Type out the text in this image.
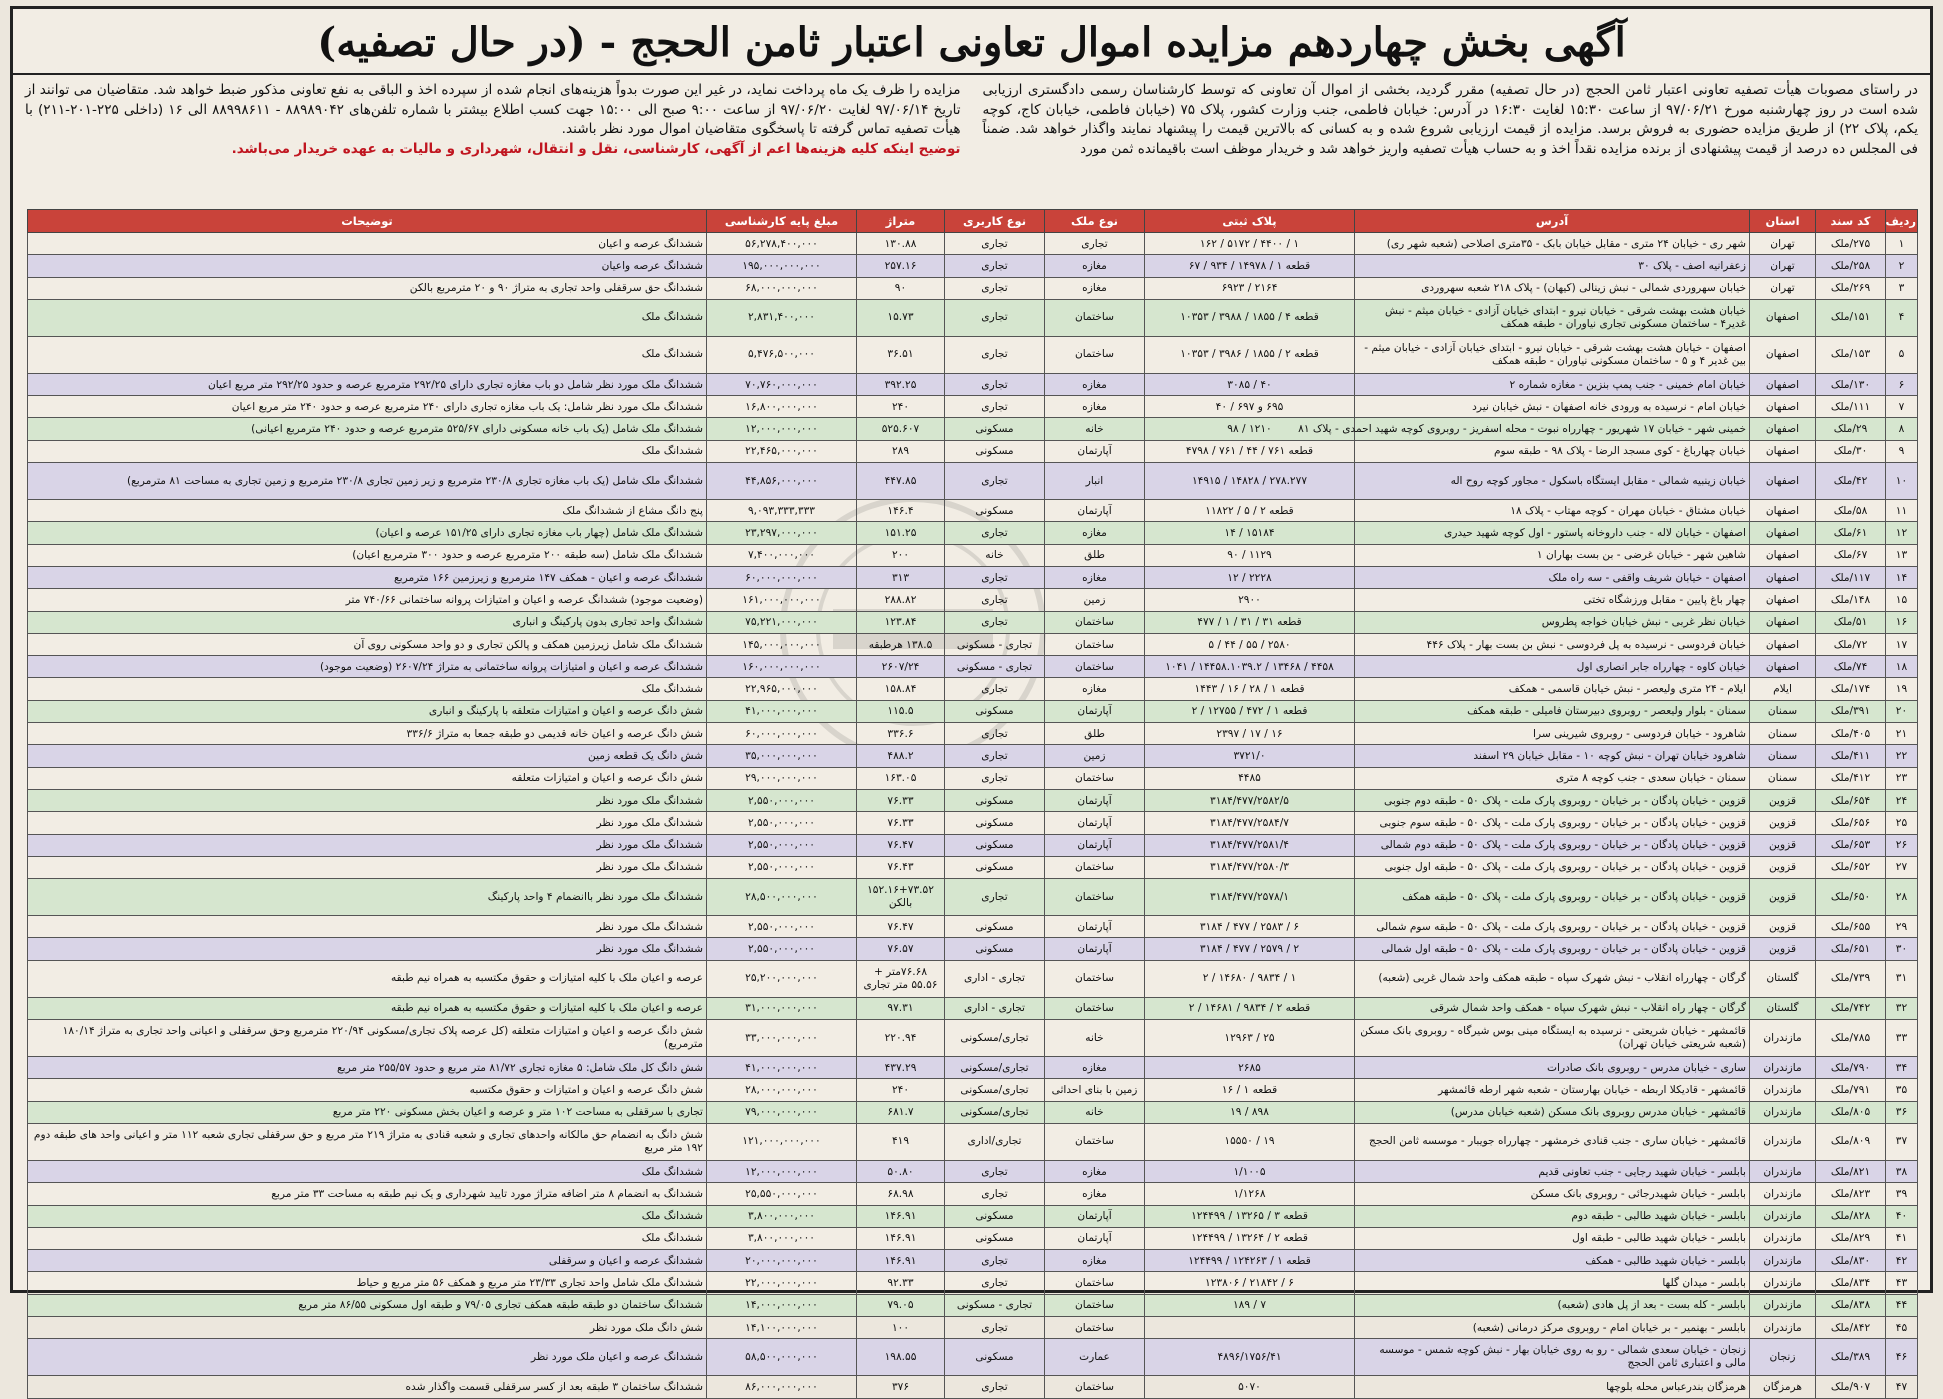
آگهی بخش چهاردهم مزایده اموال تعاونی اعتبار ثامن الحجج - (در حال تصفیه)
در راستای مصوبات هیأت تصفیه تعاونی اعتبار ثامن الحجج (در حال تصفیه) مقرر گردید، بخشی از اموال آن تعاونی که توسط کارشناسان رسمی دادگستری ارزیابی شده است در روز چهارشنبه مورخ ۹۷/۰۶/۲۱ از ساعت ۱۵:۳۰ لغایت ۱۶:۳۰ در آدرس: خیابان فاطمی، جنب وزارت کشور، پلاک ۷۵ (خیابان فاطمی، خیابان کاج، کوچه یکم، پلاک ۲۲) از طریق مزایده حضوری به فروش برسد. مزایده از قیمت ارزیابی شروع شده و به کسانی که بالاترین قیمت را پیشنهاد نمایند واگذار خواهد شد. ضمناً فی المجلس ده درصد از قیمت پیشنهادی از برنده مزایده نقداً اخذ و به حساب هیأت تصفیه واریز خواهد شد و خریدار موظف است باقیمانده ثمن مورد
مزایده را ظرف یک ماه پرداخت نماید، در غیر این صورت بدواً هزینه‌های انجام شده از سپرده اخذ و الباقی به نفع تعاونی مذکور ضبط خواهد شد. متقاضیان می توانند از تاریخ ۹۷/۰۶/۱۴ لغایت ۹۷/۰۶/۲۰ از ساعت ۹:۰۰ صبح الی ۱۵:۰۰ جهت کسب اطلاع بیشتر با شماره تلفن‌های ۸۸۹۸۹۰۴۲ - ۸۸۹۹۸۶۱۱ الی ۱۶ (داخلی ۲۲۵-۲۰۱-۲۱۱) با هیأت تصفیه تماس گرفته تا پاسخگوی متقاضیان اموال مورد نظر باشند.
توضیح اینکه کلیه هزینه‌ها اعم از آگهی، کارشناسی، نقل و انتقال، شهرداری و مالیات به عهده خریدار می‌باشد.
ردیف	کد سند	استان	آدرس	پلاک ثبتی	نوع ملک	نوع کاربری	متراژ	مبلغ پایه کارشناسی	توضیحات
۱	۲۷۵/ملک	تهران	شهر ری - خیابان ۲۴ متری - مقابل خیابان بابک - ۳۵متری اصلاحی (شعبه شهر ری)	۱ / ۴۴۰۰ / ۵۱۷۲ / ۱۶۲	تجاری	تجاری	۱۳۰.۸۸	۵۶,۲۷۸,۴۰۰,۰۰۰	ششدانگ عرصه و اعیان
۲	۲۵۸/ملک	تهران	زعفرانیه اصف - پلاک ۳۰	قطعه ۱ / ۱۴۹۷۸ / ۹۳۴ / ۶۷	مغازه	تجاری	۲۵۷.۱۶	۱۹۵,۰۰۰,۰۰۰,۰۰۰	ششدانگ عرصه واعیان
۳	۲۶۹/ملک	تهران	خیابان سهروردی شمالی - نبش زینالی (کیهان) - پلاک ۲۱۸ شعبه سهروردی	۲۱۶۴ / ۶۹۲۳	مغازه	تجاری	۹۰	۶۸,۰۰۰,۰۰۰,۰۰۰	ششدانگ حق سرقفلی واحد تجاری به متراژ ۹۰ و ۲۰ مترمربع بالکن
۴	۱۵۱/ملک	اصفهان	خیابان هشت بهشت شرقی - خیابان نیرو - ابتدای خیابان آزادی - خیابان میثم - نبش غدیر۴ - ساختمان مسکونی تجاری نیاوران - طبقه همکف	قطعه ۴ / ۱۸۵۵ / ۳۹۸۸ / ۱۰۳۵۳	ساختمان	تجاری	۱۵.۷۳	۲,۸۳۱,۴۰۰,۰۰۰	ششدانگ ملک
۵	۱۵۳/ملک	اصفهان	اصفهان - خیابان هشت بهشت شرقی - خیابان نیرو - ابتدای خیابان آزادی - خیابان میثم - بین غدیر ۴ و ۵ - ساختمان مسکونی نیاوران - طبقه همکف	قطعه ۲ / ۱۸۵۵ / ۳۹۸۶ / ۱۰۳۵۳	ساختمان	تجاری	۳۶.۵۱	۵,۴۷۶,۵۰۰,۰۰۰	ششدانگ ملک
۶	۱۳۰/ملک	اصفهان	خیابان امام خمینی - جنب پمپ بنزین - مغازه شماره ۲	۴۰ / ۳۰۸۵	مغازه	تجاری	۳۹۲.۲۵	۷۰,۷۶۰,۰۰۰,۰۰۰	ششدانگ ملک مورد نظر شامل دو باب مغازه تجاری دارای ۲۹۲/۲۵ مترمربع عرصه و حدود ۲۹۲/۲۵ متر مربع اعیان
۷	۱۱۱/ملک	اصفهان	خیابان امام - نرسیده به ورودی خانه اصفهان - نبش خیابان نیرد	۶۹۵ و ۶۹۷ / ۴۰	مغازه	تجاری	۲۴۰	۱۶,۸۰۰,۰۰۰,۰۰۰	ششدانگ ملک مورد نظر شامل: یک باب مغازه تجاری دارای ۲۴۰ مترمربع عرصه و حدود ۲۴۰ متر مربع اعیان
۸	۲۹/ملک	اصفهان	خمینی شهر - خیابان ۱۷ شهریور - چهارراه نبوت - محله اسفریز - روبروی کوچه شهید احمدی - پلاک ۸۱	۱۲۱۰ / ۹۸	خانه	مسکونی	۵۲۵.۶۰۷	۱۲,۰۰۰,۰۰۰,۰۰۰	ششدانگ ملک شامل (یک باب خانه مسکونی دارای ۵۲۵/۶۷ مترمربع عرصه و حدود ۲۴۰ مترمربع اعیانی)
۹	۳۰/ملک	اصفهان	خیابان چهارباغ - کوی مسجد الرضا - پلاک ۹۸ - طبقه سوم	قطعه ۷۶۱ / ۴۴ / ۷۶۱ / ۴۷۹۸	آپارتمان	مسکونی	۲۸۹	۲۲,۴۶۵,۰۰۰,۰۰۰	ششدانگ ملک
۱۰	۴۲/ملک	اصفهان	خیابان زینبیه شمالی - مقابل ایستگاه باسکول - مجاور کوچه روح اله	۲۷۸.۲۷۷ / ۱۴۸۲۸ / ۱۴۹۱۵	انبار	تجاری	۴۴۷.۸۵	۴۴,۸۵۶,۰۰۰,۰۰۰	ششدانگ ملک شامل (یک باب مغازه تجاری ۲۳۰/۸ مترمربع و زیر زمین تجاری ۲۳۰/۸ مترمربع و زمین تجاری به مساحت ۸۱ مترمربع)
۱۱	۵۸/ملک	اصفهان	خیابان مشتاق - خیابان مهران - کوچه مهتاب - پلاک ۱۸	قطعه ۲ / ۵ / ۱۱۸۲۲	آپارتمان	مسکونی	۱۴۶.۴	۹,۰۹۳,۳۳۳,۳۳۳	پنج دانگ مشاع از ششدانگ ملک
۱۲	۶۱/ملک	اصفهان	اصفهان - خیابان لاله - جنب داروخانه پاستور - اول کوچه شهید حیدری	۱۵۱۸۴ / ۱۴	مغازه	تجاری	۱۵۱.۲۵	۲۳,۲۹۷,۰۰۰,۰۰۰	ششدانگ ملک شامل (چهار باب مغازه تجاری دارای ۱۵۱/۲۵ عرصه و اعیان)
۱۳	۶۷/ملک	اصفهان	شاهین شهر - خیابان غرضی - بن بست بهاران ۱	۱۱۲۹ / ۹۰	طلق	خانه	۲۰۰	۷,۴۰۰,۰۰۰,۰۰۰	ششدانگ ملک شامل (سه طبقه ۲۰۰ مترمربع عرصه و حدود ۳۰۰ مترمربع اعیان)
۱۴	۱۱۷/ملک	اصفهان	اصفهان - خیابان شریف واقفی - سه راه ملک	۲۲۲۸ / ۱۲	مغازه	تجاری	۳۱۳	۶۰,۰۰۰,۰۰۰,۰۰۰	ششدانگ عرصه و اعیان - همکف ۱۴۷ مترمربع و زیرزمین ۱۶۶ مترمربع
۱۵	۱۴۸/ملک	اصفهان	چهار باغ پایین - مقابل ورزشگاه تختی	۲۹۰۰	زمین	تجاری	۲۸۸.۸۲	۱۶۱,۰۰۰,۰۰۰,۰۰۰	(وضعیت موجود) ششدانگ عرصه و اعیان و امتیازات پروانه ساختمانی ۷۴۰/۶۶ متر
۱۶	۵۱/ملک	اصفهان	خیابان نظر غربی - نبش خیابان خواجه پطروس	قطعه ۳۱ / ۳۱ / ۱ / ۴۷۷	ساختمان	تجاری	۱۲۳.۸۴	۷۵,۲۲۱,۰۰۰,۰۰۰	ششدانگ واحد تجاری بدون پارکینگ و انباری
۱۷	۷۲/ملک	اصفهان	خیابان فردوسی - نرسیده به پل فردوسی - نبش بن بست بهار - پلاک ۴۴۶	۲۵۸۰ / ۵۵ / ۴۴ / ۵	ساختمان	تجاری - مسکونی	۱۳۸.۵ هرطبقه	۱۴۵,۰۰۰,۰۰۰,۰۰۰	ششدانگ ملک شامل زیرزمین همکف و پالکن تجاری و دو واحد مسکونی روی آن
۱۸	۷۴/ملک	اصفهان	خیابان کاوه - چهارراه جابر انصاری اول	۴۴۵۸ / ۱۳۴۶۸ / ۱۴۴۵۸.۱۰۳۹.۲ / ۱۰۴۱	ساختمان	تجاری - مسکونی	۲۶۰۷/۲۴	۱۶۰,۰۰۰,۰۰۰,۰۰۰	ششدانگ عرصه و اعیان و امتیازات پروانه ساختمانی به متراژ ۲۶۰۷/۲۴ (وضعیت موجود)
۱۹	۱۷۴/ملک	ایلام	ایلام - ۲۴ متری ولیعصر - نبش خیابان قاسمی - همکف	قطعه ۱ / ۲۸ / ۱۶ / ۱۴۴۳	مغازه	تجاری	۱۵۸.۸۴	۲۲,۹۶۵,۰۰۰,۰۰۰	ششدانگ ملک
۲۰	۳۹۱/ملک	سمنان	سمنان - بلوار ولیعصر - روبروی دبیرستان فامیلی - طبقه همکف	قطعه ۱ / ۴۷۲ / ۱۲۷۵۵ / ۲	آپارتمان	مسکونی	۱۱۵.۵	۴۱,۰۰۰,۰۰۰,۰۰۰	شش دانگ عرصه و اعیان و امتیازات متعلقه با پارکینگ و انباری
۲۱	۴۰۵/ملک	سمنان	شاهرود - خیابان فردوسی - روبروی شیرینی سرا	۱۶ / ۱۷ / ۲۳۹۷	طلق	تجاری	۳۳۶.۶	۶۰,۰۰۰,۰۰۰,۰۰۰	شش دانگ عرصه و اعیان خانه قدیمی دو طبقه جمعا به متراژ ۳۳۶/۶
۲۲	۴۱۱/ملک	سمنان	شاهرود خیابان تهران - نبش کوچه ۱۰ - مقابل خیابان ۲۹ اسفند	۳۷۲۱/۰	زمین	تجاری	۴۸۸.۲	۳۵,۰۰۰,۰۰۰,۰۰۰	شش دانگ یک قطعه زمین
۲۳	۴۱۲/ملک	سمنان	سمنان - خیابان سعدی - جنب کوچه ۸ متری	۴۴۸۵	ساختمان	تجاری	۱۶۳.۰۵	۲۹,۰۰۰,۰۰۰,۰۰۰	شش دانگ عرصه و اعیان و امتیازات متعلقه
۲۴	۶۵۴/ملک	قزوین	قزوین - خیابان پادگان - بر خیابان - روبروی پارک ملت - پلاک ۵۰ - طبقه دوم جنوبی	۳۱۸۴/۴۷۷/۲۵۸۲/۵	آپارتمان	مسکونی	۷۶.۳۳	۲,۵۵۰,۰۰۰,۰۰۰	ششدانگ ملک مورد نظر
۲۵	۶۵۶/ملک	قزوین	قزوین - خیابان پادگان - بر خیابان - روبروی پارک ملت - پلاک ۵۰ - طبقه سوم جنوبی	۳۱۸۴/۴۷۷/۲۵۸۴/۷	آپارتمان	مسکونی	۷۶.۳۳	۲,۵۵۰,۰۰۰,۰۰۰	ششدانگ ملک مورد نظر
۲۶	۶۵۳/ملک	قزوین	قزوین - خیابان پادگان - بر خیابان - روبروی پارک ملت - پلاک ۵۰ - طبقه دوم شمالی	۳۱۸۴/۴۷۷/۲۵۸۱/۴	آپارتمان	مسکونی	۷۶.۴۷	۲,۵۵۰,۰۰۰,۰۰۰	ششدانگ ملک مورد نظر
۲۷	۶۵۲/ملک	قزوین	قزوین - خیابان پادگان - بر خیابان - روبروی پارک ملت - پلاک ۵۰ - طبقه اول جنوبی	۳۱۸۴/۴۷۷/۲۵۸۰/۳	ساختمان	مسکونی	۷۶.۴۳	۲,۵۵۰,۰۰۰,۰۰۰	ششدانگ ملک مورد نظر
۲۸	۶۵۰/ملک	قزوین	قزوین - خیابان پادگان - بر خیابان - روبروی پارک ملت - پلاک ۵۰ - طبقه همکف	۳۱۸۴/۴۷۷/۲۵۷۸/۱	ساختمان	تجاری	۱۵۲.۱۶+۷۳.۵۲ بالکن	۲۸,۵۰۰,۰۰۰,۰۰۰	ششدانگ ملک مورد نظر باانضمام ۴ واحد پارکینگ
۲۹	۶۵۵/ملک	قزوین	قزوین - خیابان پادگان - بر خیابان - روبروی پارک ملت - پلاک ۵۰ - طبقه سوم شمالی	۶ / ۲۵۸۳ / ۴۷۷ / ۳۱۸۴	آپارتمان	مسکونی	۷۶.۴۷	۲,۵۵۰,۰۰۰,۰۰۰	ششدانگ ملک مورد نظر
۳۰	۶۵۱/ملک	قزوین	قزوین - خیابان پادگان - بر خیابان - روبروی پارک ملت - پلاک ۵۰ - طبقه اول شمالی	۲ / ۲۵۷۹ / ۴۷۷ / ۳۱۸۴	آپارتمان	مسکونی	۷۶.۵۷	۲,۵۵۰,۰۰۰,۰۰۰	ششدانگ ملک مورد نظر
۳۱	۷۳۹/ملک	گلستان	گرگان - چهارراه انقلاب - نبش شهرک سپاه - طبقه همکف واحد شمال غربی (شعبه)	۱ / ۹۸۳۴ / ۱۴۶۸۰ / ۲	ساختمان	تجاری - اداری	۷۶.۶۸متر + ۵۵.۵۶ متر تجاری	۲۵,۲۰۰,۰۰۰,۰۰۰	عرصه و اعیان ملک با کلیه امتیازات و حقوق مکتسبه به همراه نیم طبقه
۳۲	۷۴۲/ملک	گلستان	گرگان - چهار راه انقلاب - نبش شهرک سپاه - همکف واحد شمال شرقی	قطعه ۲ / ۹۸۳۴ / ۱۴۶۸۱ / ۲	ساختمان	تجاری - اداری	۹۷.۳۱	۳۱,۰۰۰,۰۰۰,۰۰۰	عرصه و اعیان ملک با کلیه امتیازات و حقوق مکتسبه به همراه نیم طبقه
۳۳	۷۸۵/ملک	مازندران	قائمشهر - خیابان شریعتی - نرسیده به ایستگاه مینی بوس شیرگاه - روبروی بانک مسکن (شعبه شریعتی خیابان تهران)	۲۵ / ۱۲۹۶۳	خانه	تجاری/مسکونی	۲۲۰.۹۴	۳۳,۰۰۰,۰۰۰,۰۰۰	شش دانگ عرصه و اعیان و امتیازات متعلقه (کل عرصه پلاک تجاری/مسکونی ۲۲۰/۹۴ مترمربع وحق سرقفلی و اعیانی واحد تجاری به متراژ ۱۸۰/۱۴ مترمربع)
۳۴	۷۹۰/ملک	مازندران	ساری - خیابان مدرس - روبروی بانک صادرات	۲۶۸۵	مغازه	تجاری/مسکونی	۴۳۷.۲۹	۴۱,۰۰۰,۰۰۰,۰۰۰	شش دانگ کل ملک شامل: ۵ مغازه تجاری ۸۱/۷۲ متر مربع و حدود ۲۵۵/۵۷ متر مربع
۳۵	۷۹۱/ملک	مازندران	قائمشهر - قادیکلا اربطه - خیابان بهارستان - شعبه شهر ارطه قائمشهر	قطعه ۱ / ۱۶	زمین با بنای احداثی	تجاری/مسکونی	۲۴۰	۲۸,۰۰۰,۰۰۰,۰۰۰	شش دانگ عرصه و اعیان و امتیازات و حقوق مکتسبه
۳۶	۸۰۵/ملک	مازندران	قائمشهر - خیابان مدرس روبروی بانک مسکن (شعبه خیابان مدرس)	۸۹۸ / ۱۹	خانه	تجاری/مسکونی	۶۸۱.۷	۷۹,۰۰۰,۰۰۰,۰۰۰	تجاری با سرقفلی به مساحت ۱۰۲ متر و عرصه و اعیان بخش مسکونی ۲۲۰ متر مربع
۳۷	۸۰۹/ملک	مازندران	قائمشهر - خیابان ساری - جنب قنادی خرمشهر - چهارراه جویبار - موسسه ثامن الحجج	۱۹ / ۱۵۵۵۰	ساختمان	تجاری/اداری	۴۱۹	۱۲۱,۰۰۰,۰۰۰,۰۰۰	شش دانگ به انضمام حق مالکانه واحدهای تجاری و شعبه قنادی به متراژ ۲۱۹ متر مربع و حق سرقفلی تجاری شعبه ۱۱۲ متر و اعیانی واحد های طبقه دوم ۱۹۲ متر مربع
۳۸	۸۲۱/ملک	مازندران	بابلسر - خیابان شهید رجایی - جنب تعاونی قدیم	۱/۱۰۰۵	مغازه	تجاری	۵۰.۸۰	۱۲,۰۰۰,۰۰۰,۰۰۰	ششدانگ ملک
۳۹	۸۲۳/ملک	مازندران	بابلسر - خیابان شهیدرجائی - روبروی بانک مسکن	۱/۱۲۶۸	مغازه	تجاری	۶۸.۹۸	۲۵,۵۵۰,۰۰۰,۰۰۰	ششدانگ به انضمام ۸ متر اضافه متراژ مورد تایید شهرداری و یک نیم طبقه به مساحت ۳۳ متر مربع
۴۰	۸۲۸/ملک	مازندران	بابلسر - خیابان شهید طالبی - طبقه دوم	قطعه ۳ / ۱۳۲۶۵ / ۱۲۴۴۹۹	آپارتمان	مسکونی	۱۴۶.۹۱	۳,۸۰۰,۰۰۰,۰۰۰	ششدانگ ملک
۴۱	۸۲۹/ملک	مازندران	بابلسر - خیابان شهید طالبی - طبقه اول	قطعه ۲ / ۱۳۲۶۴ / ۱۲۴۴۹۹	آپارتمان	مسکونی	۱۴۶.۹۱	۳,۸۰۰,۰۰۰,۰۰۰	ششدانگ ملک
۴۲	۸۳۰/ملک	مازندران	بابلسر - خیابان شهید طالبی - همکف	قطعه ۱ / ۱۲۴۲۶۳ / ۱۲۴۴۹۹	مغازه	تجاری	۱۴۶.۹۱	۲۰,۰۰۰,۰۰۰,۰۰۰	ششدانگ عرصه و اعیان و سرقفلی
۴۳	۸۳۴/ملک	مازندران	بابلسر - میدان گلها	۶ / ۲۱۸۴۲ / ۱۲۳۸۰۶	ساختمان	تجاری	۹۲.۳۳	۲۲,۰۰۰,۰۰۰,۰۰۰	ششدانگ ملک شامل واحد تجاری ۲۳/۳۳ متر مربع و همکف ۵۶ متر مربع و حیاط
۴۴	۸۳۸/ملک	مازندران	بابلسر - کله بست - بعد از پل هادی (شعبه)	۷ / ۱۸۹	ساختمان	تجاری - مسکونی	۷۹.۰۵	۱۴,۰۰۰,۰۰۰,۰۰۰	ششدانگ ساختمان دو طبقه طبقه همکف تجاری ۷۹/۰۵ و طبقه اول مسکونی ۸۶/۵۵ متر مربع
۴۵	۸۴۲/ملک	مازندران	بابلسر - بهنمیر - بر خیابان امام - روبروی مرکز درمانی (شعبه)		ساختمان	تجاری	۱۰۰	۱۴,۱۰۰,۰۰۰,۰۰۰	شش دانگ ملک مورد نظر
۴۶	۳۸۹/ملک	زنجان	زنجان - خیابان سعدی شمالی - رو به روی خیابان بهار - نبش کوچه شمس - موسسه مالی و اعتباری ثامن الحجج	۴۸۹۶/۱۷۵۶/۴۱	عمارت	مسکونی	۱۹۸.۵۵	۵۸,۵۰۰,۰۰۰,۰۰۰	ششدانگ عرصه و اعیان ملک مورد نظر
۴۷	۹۰۷/ملک	هرمزگان	هرمزگان بندرعباس محله بلوچها	۵۰۷۰	ساختمان	تجاری	۳۷۶	۸۶,۰۰۰,۰۰۰,۰۰۰	ششدانگ ساختمان ۳ طبقه بعد از کسر سرقفلی قسمت واگذار شده
